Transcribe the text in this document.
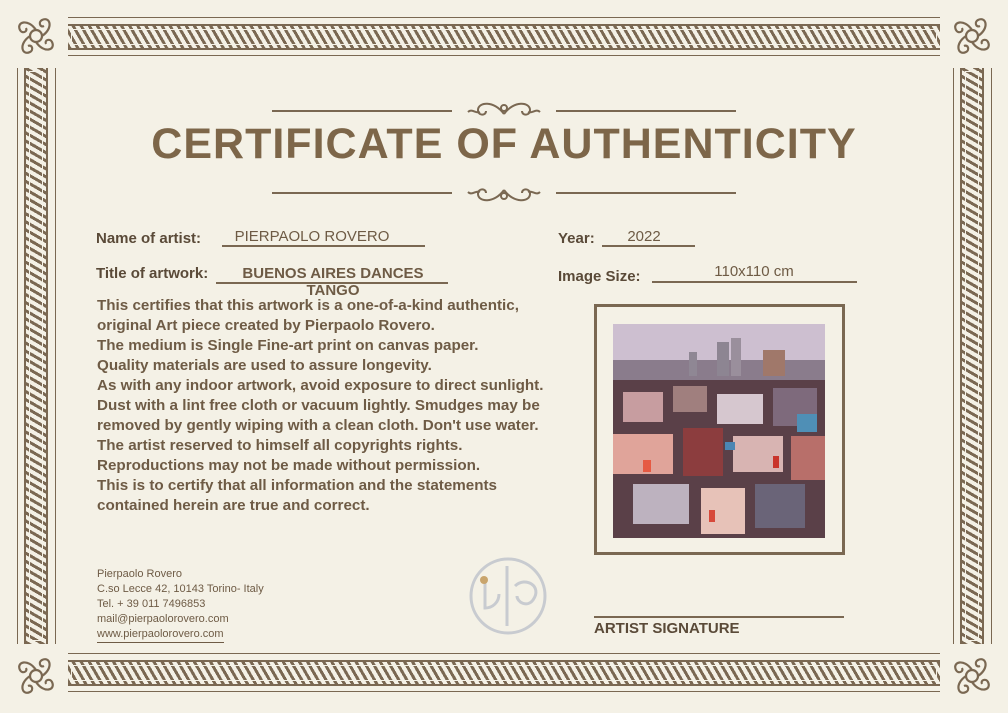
CERTIFICATE OF AUTHENTICITY
Name of artist:	PIERPAOLO ROVERO	Year:	2022
Title of artwork:	BUENOS AIRES DANCES TANGO
Image Size:	110x110 cm
This certifies that this artwork is a one-of-a-kind authentic,
original Art piece created by Pierpaolo Rovero.
The medium is Single Fine-art print on canvas paper.
Quality materials are used to assure longevity.
As with any indoor artwork, avoid exposure to direct sunlight.
Dust with a lint free cloth or vacuum lightly. Smudges may be
removed by gently wiping with a clean cloth. Don't use water.
The artist reserved to himself all copyrights rights.
Reproductions may not be made without permission.
This is to certify that all information and the statements
contained herein are true and correct.
Pierpaolo Rovero
C.so Lecce 42, 10143 Torino- Italy
Tel. + 39 011 7496853
mail@pierpaolorovero.com
www.pierpaolorovero.com	ARTIST SIGNATURE
